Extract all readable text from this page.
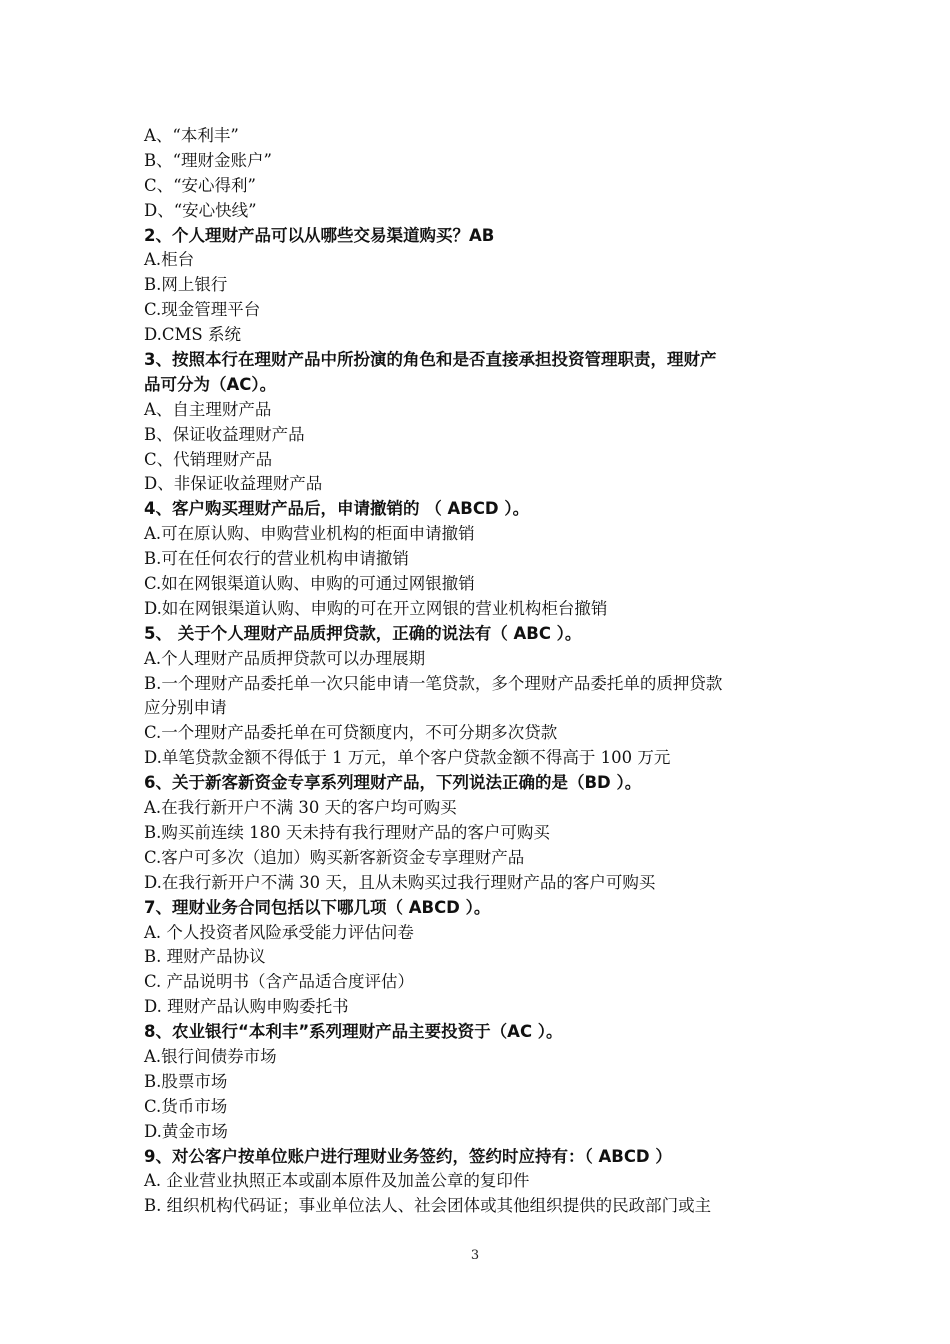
A、“本利丰”
B、“理财金账户”
C、“安心得利”
D、“安心快线”
2、个人理财产品可以从哪些交易渠道购买？AB
A.柜台
B.网上银行
C.现金管理平台
D.CMS 系统
3、按照本行在理财产品中所扮演的角色和是否直接承担投资管理职责，理财产
品可分为（AC）。
A、自主理财产品
B、保证收益理财产品
C、代销理财产品
D、非保证收益理财产品
4、客户购买理财产品后，申请撤销的 （ ABCD ）。
A.可在原认购、申购营业机构的柜面申请撤销
B.可在任何农行的营业机构申请撤销
C.如在网银渠道认购、申购的可通过网银撤销
D.如在网银渠道认购、申购的可在开立网银的营业机构柜台撤销
5、 关于个人理财产品质押贷款，正确的说法有（ ABC ）。
A.个人理财产品质押贷款可以办理展期
B.一个理财产品委托单一次只能申请一笔贷款，多个理财产品委托单的质押贷款
应分别申请
C.一个理财产品委托单在可贷额度内，不可分期多次贷款
D.单笔贷款金额不得低于 1 万元，单个客户贷款金额不得高于 100 万元
6、关于新客新资金专享系列理财产品，下列说法正确的是（BD ）。
A.在我行新开户不满 30 天的客户均可购买
B.购买前连续 180 天未持有我行理财产品的客户可购买
C.客户可多次（追加）购买新客新资金专享理财产品
D.在我行新开户不满 30 天，且从未购买过我行理财产品的客户可购买
7、理财业务合同包括以下哪几项（ ABCD ）。
A. 个人投资者风险承受能力评估问卷
B. 理财产品协议
C. 产品说明书（含产品适合度评估）
D. 理财产品认购申购委托书
8、农业银行“本利丰”系列理财产品主要投资于（AC ）。
A.银行间债券市场
B.股票市场
C.货币市场
D.黄金市场
9、对公客户按单位账户进行理财业务签约，签约时应持有：（ ABCD ）
A. 企业营业执照正本或副本原件及加盖公章的复印件
B. 组织机构代码证；事业单位法人、社会团体或其他组织提供的民政部门或主
3
